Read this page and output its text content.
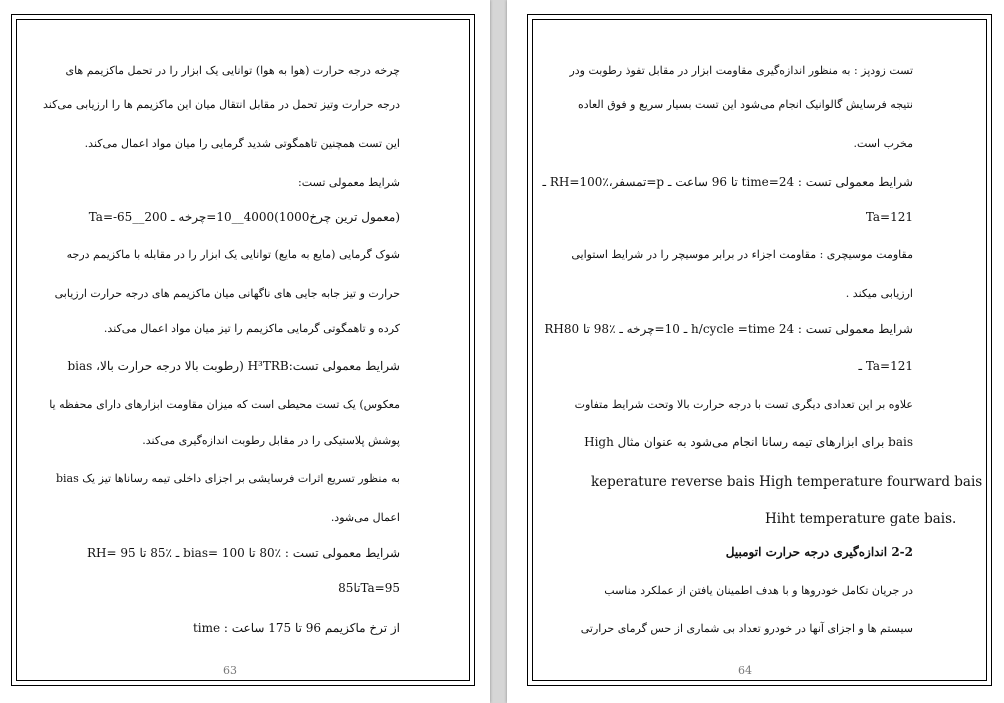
چرخه درجه حرارت (هوا به هوا) توانایی یک ابزار را در تحمل ماکزیمم های
درجه حرارت وتیز تحمل در مقابل انتقال میان این ماکزیمم ها را ارزیابی می‌کند
این تست همچنین تاهمگوتی شدید گرمایی را میان مواد اعمال می‌کند.
شرایط معمولی تست:
(معمول ترین چرخ1000)4000__10=چرخه ـ 200__65-=Ta
شوک گرمایی (مایع به مایع) توانایی یک ابزار را در مقابله با ماکزیمم درجه
حرارت و تیز جابه جایی های ناگهانی میان ماکزیمم های درجه حرارت ارزیابی
کرده و تاهمگوتی گرمایی ماکزیمم را تیز میان مواد اعمال می‌کند.
شرایط معمولی تست:H³TRB (رطوبت بالا درجه حرارت بالا، bias
معکوس) یک تست محیطی است که میزان مقاومت ابزارهای دارای محفظه یا
پوشش پلاستیکی را در مقابل رطوبت اندازه‌گیری می‌کند.
به منظور تسریع اثرات فرسایشی بر اجزای داخلی تیمه رسانا‌ها تیز یک bias
اعمال می‌شود.
شرایط معمولی تست : ٪80 تا 100 =bias ـ ٪85 تا 95 =RH
Ta=95تا85
از ترخ ماکزیمم 96 تا 175 ساعت : time
63
تست زودپز : به منظور اندازه‌گیری مقاومت ابزار در مقابل تفوذ رطوبت ودر
نتیجه فرسایش گالوانیک انجام می‌شود این تست بسیار سریع و فوق العاده
مخرب است.
شرایط معمولی تست : 24=time تا 96 ساعت ـ p=تمسفر،٪100=RH ـ
Ta=121
مقاومت موسیچری : مقاومت اجزاء در برابر موسیچر را در شرایط استوایی
ارزیابی میکند .
شرایط معمولی تست : 24 h/cycle =time ـ 10=چرخه ـ ٪98 تا RH80
Ta=121 ـ
علاوه بر این تعدادی دیگری تست با درجه حرارت بالا وتحت شرایط متفاوت
bais برای ابزارهای تیمه رسانا انجام می‌شود به عنوان مثال High
keperature reverse bais High temperature fourward bais
Hiht temperature gate bais.
2-2 اندازه‌گیری درجه حرارت اتومبیل
در جریان تکامل خودروها و با هدف اطمینان یافتن از عملکرد مناسب
سیستم ها و اجزای آنها در خودرو تعداد بی شماری از حس گرمای حرارتی
64
